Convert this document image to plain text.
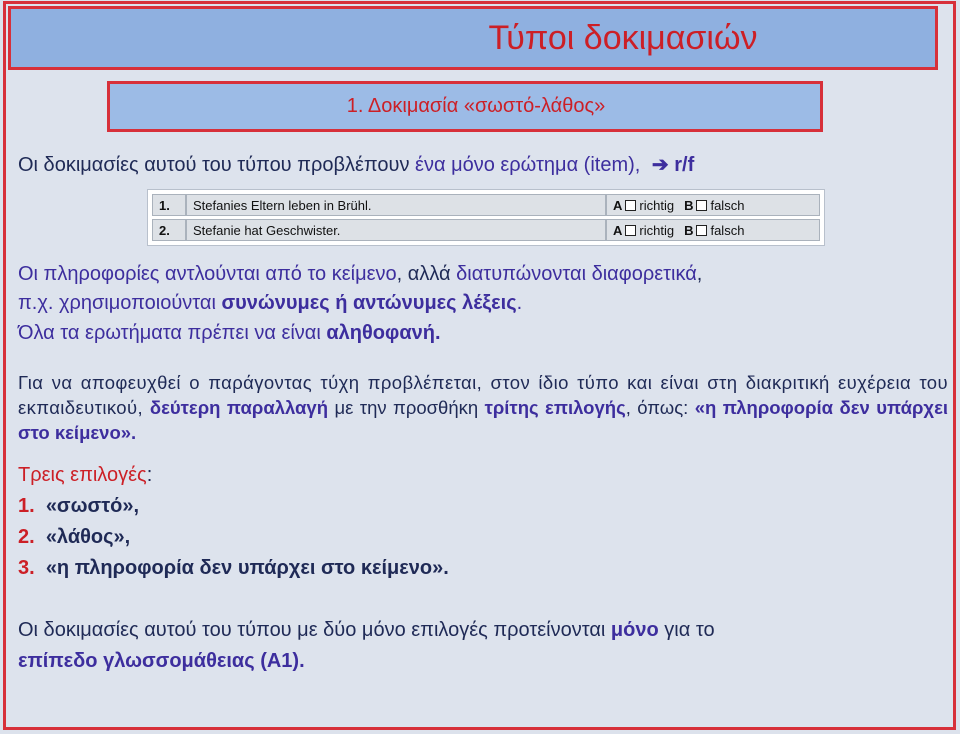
Τύποι δοκιμασιών
1. Δοκιμασία «σωστό-λάθος»
Οι δοκιμασίες αυτού του τύπου προβλέπουν ένα μόνο ερώτημα (item), ➔ r/f
1.	Stefanies Eltern leben in Brühl.	A richtig B falsch
2.	Stefanie hat Geschwister.	A richtig B falsch
Οι πληροφορίες αντλούνται από το κείμενο, αλλά διατυπώνονται διαφορετικά,
π.χ. χρησιμοποιούνται συνώνυμες ή αντώνυμες λέξεις.
Όλα τα ερωτήματα πρέπει να είναι αληθοφανή.
Για να αποφευχθεί ο παράγοντας τύχη προβλέπεται, στον ίδιο τύπο και είναι στη διακριτική ευχέρεια του εκπαιδευτικού, δεύτερη παραλλαγή με την προσθήκη τρίτης επιλογής, όπως: «η πληροφορία δεν υπάρχει στο κείμενο».
Τρεις επιλογές:
1. «σωστό»,
2. «λάθος»,
3. «η πληροφορία δεν υπάρχει στο κείμενο».
Οι δοκιμασίες αυτού του τύπου με δύο μόνο επιλογές προτείνονται μόνο για το
επίπεδο γλωσσομάθειας (Α1).
